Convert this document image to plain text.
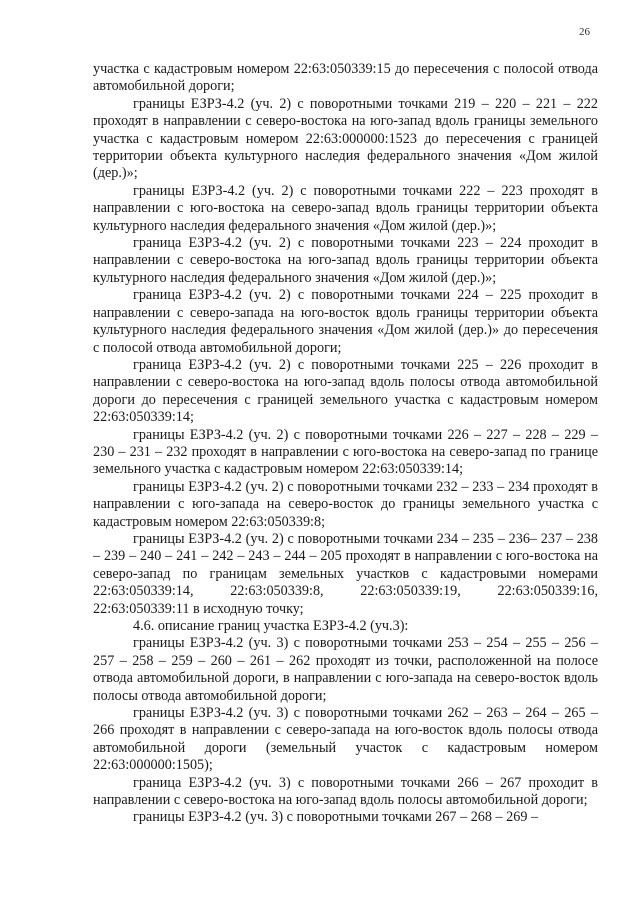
26

участка с кадастровым номером 22:63:050339:15 до пересечения с полосой отвода автомобильной дороги;

границы ЕЗРЗ-4.2 (уч. 2) с поворотными точками 219 – 220 – 221 – 222 проходят в направлении с северо-востока на юго-запад вдоль границы земельного участка с кадастровым номером 22:63:000000:1523 до пересечения с границей территории объекта культурного наследия федерального значения «Дом жилой (дер.)»;

границы ЕЗРЗ-4.2 (уч. 2) с поворотными точками 222 – 223 проходят в направлении с юго-востока на северо-запад вдоль границы территории объекта культурного наследия федерального значения «Дом жилой (дер.)»;

граница ЕЗРЗ-4.2 (уч. 2) с поворотными точками 223 – 224 проходит в направлении с северо-востока на юго-запад вдоль границы территории объекта культурного наследия федерального значения «Дом жилой (дер.)»;

граница ЕЗРЗ-4.2 (уч. 2) с поворотными точками 224 – 225 проходит в направлении с северо-запада на юго-восток вдоль границы территории объекта культурного наследия федерального значения «Дом жилой (дер.)» до пересечения с полосой отвода автомобильной дороги;

граница ЕЗРЗ-4.2 (уч. 2) с поворотными точками 225 – 226 проходит в направлении с северо-востока на юго-запад вдоль полосы отвода автомобильной дороги до пересечения с границей земельного участка с кадастровым номером 22:63:050339:14;

границы ЕЗРЗ-4.2 (уч. 2) с поворотными точками 226 – 227 – 228 – 229 – 230 – 231 – 232 проходят в направлении с юго-востока на северо-запад по границе земельного участка с кадастровым номером 22:63:050339:14;

границы ЕЗРЗ-4.2 (уч. 2) с поворотными точками 232 – 233 – 234 проходят в направлении с юго-запада на северо-восток до границы земельного участка с кадастровым номером 22:63:050339:8;

границы ЕЗРЗ-4.2 (уч. 2) с поворотными точками 234 – 235 – 236– 237 – 238 – 239 – 240 – 241 – 242 – 243 – 244 – 205 проходят в направлении с юго-востока на северо-запад по границам земельных участков с кадастровыми номерами 22:63:050339:14, 22:63:050339:8, 22:63:050339:19, 22:63:050339:16, 22:63:050339:11 в исходную точку;

4.6. описание границ участка ЕЗРЗ-4.2 (уч.3):

границы ЕЗРЗ-4.2 (уч. 3) с поворотными точками 253 – 254 – 255 – 256 – 257 – 258 – 259 – 260 – 261 – 262 проходят из точки, расположенной на полосе отвода автомобильной дороги, в направлении с юго-запада на северо-восток вдоль полосы отвода автомобильной дороги;

границы ЕЗРЗ-4.2 (уч. 3) с поворотными точками 262 – 263 – 264 – 265 – 266 проходят в направлении с северо-запада на юго-восток вдоль полосы отвода автомобильной дороги (земельный участок с кадастровым номером 22:63:000000:1505);

граница ЕЗРЗ-4.2 (уч. 3) с поворотными точками 266 – 267 проходит в направлении с северо-востока на юго-запад вдоль полосы автомобильной дороги;

границы ЕЗРЗ-4.2 (уч. 3) с поворотными точками 267 – 268 – 269 –
